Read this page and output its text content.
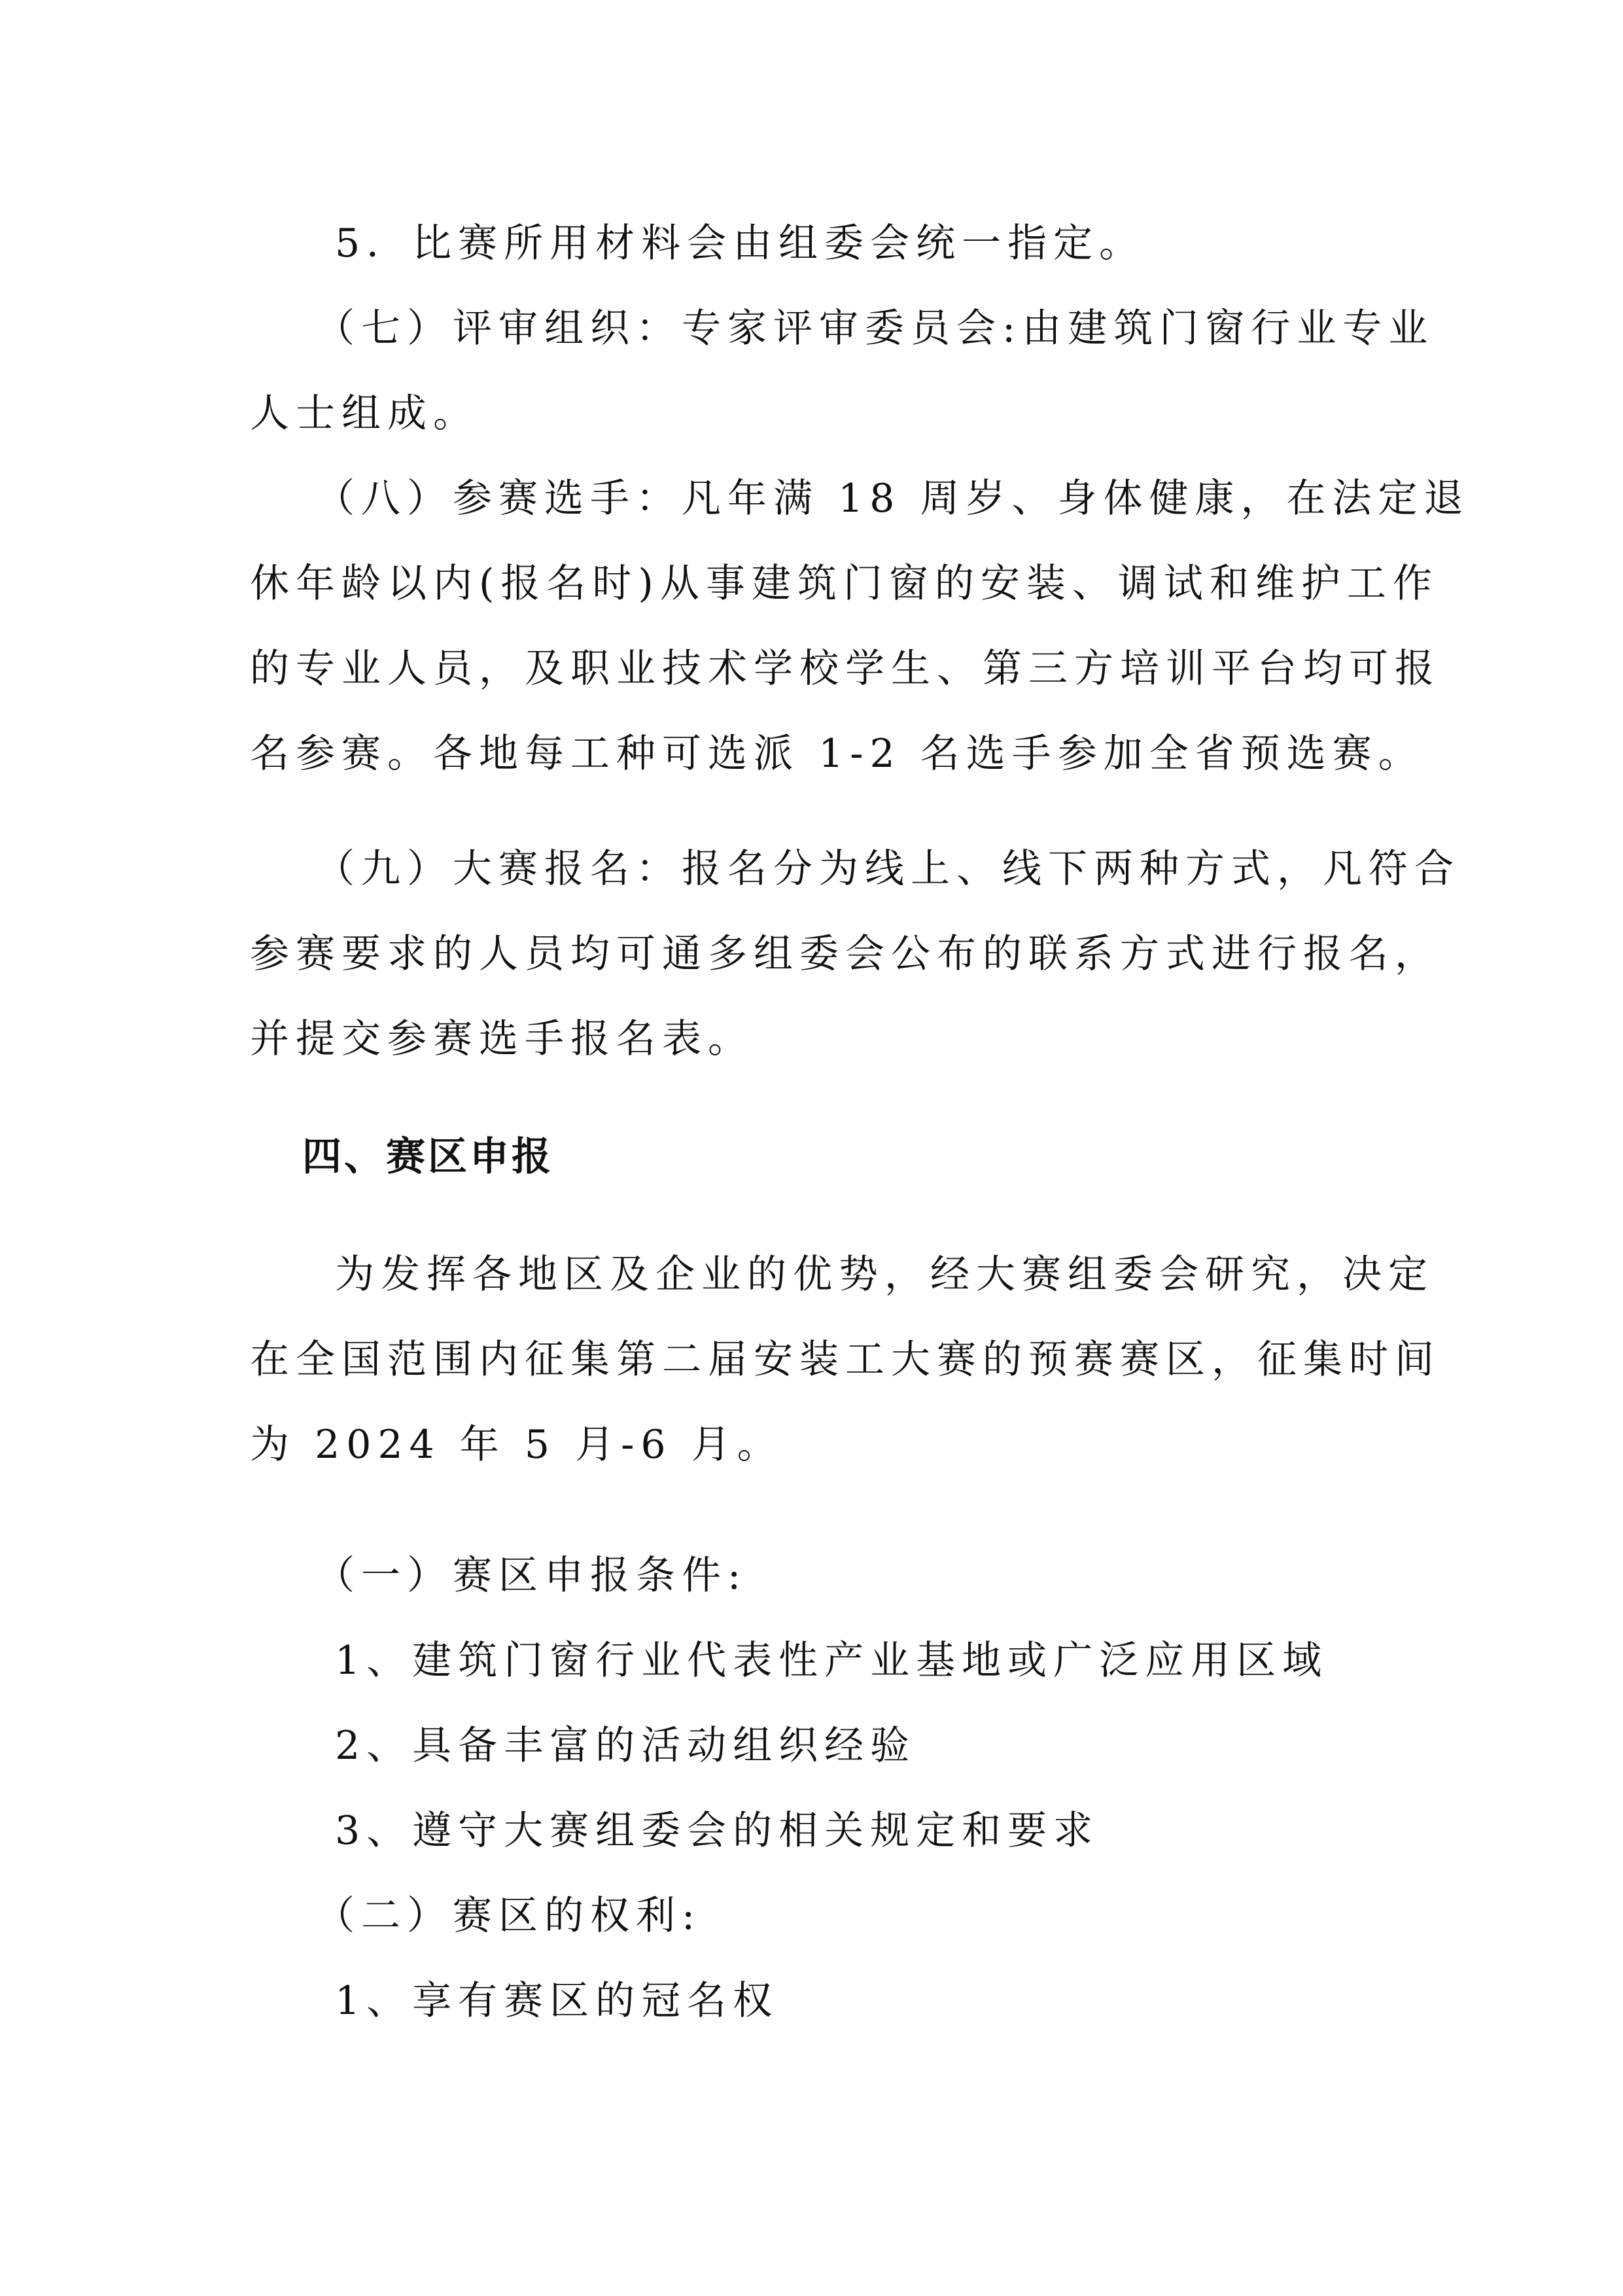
5．比赛所用材料会由组委会统一指定。

（七）评审组织：专家评审委员会:由建筑门窗行业专业

人士组成。

（八）参赛选手：凡年满 18 周岁、身体健康，在法定退

休年龄以内(报名时)从事建筑门窗的安装、调试和维护工作

的专业人员，及职业技术学校学生、第三方培训平台均可报

名参赛。各地每工种可选派 1-2 名选手参加全省预选赛。

（九）大赛报名：报名分为线上、线下两种方式，凡符合

参赛要求的人员均可通多组委会公布的联系方式进行报名，

并提交参赛选手报名表。

四、赛区申报

为发挥各地区及企业的优势，经大赛组委会研究，决定

在全国范围内征集第二届安装工大赛的预赛赛区，征集时间

为 2024 年 5 月-6 月。

（一）赛区申报条件:

1、建筑门窗行业代表性产业基地或广泛应用区域

2、具备丰富的活动组织经验

3、遵守大赛组委会的相关规定和要求

（二）赛区的权利:

1、享有赛区的冠名权
